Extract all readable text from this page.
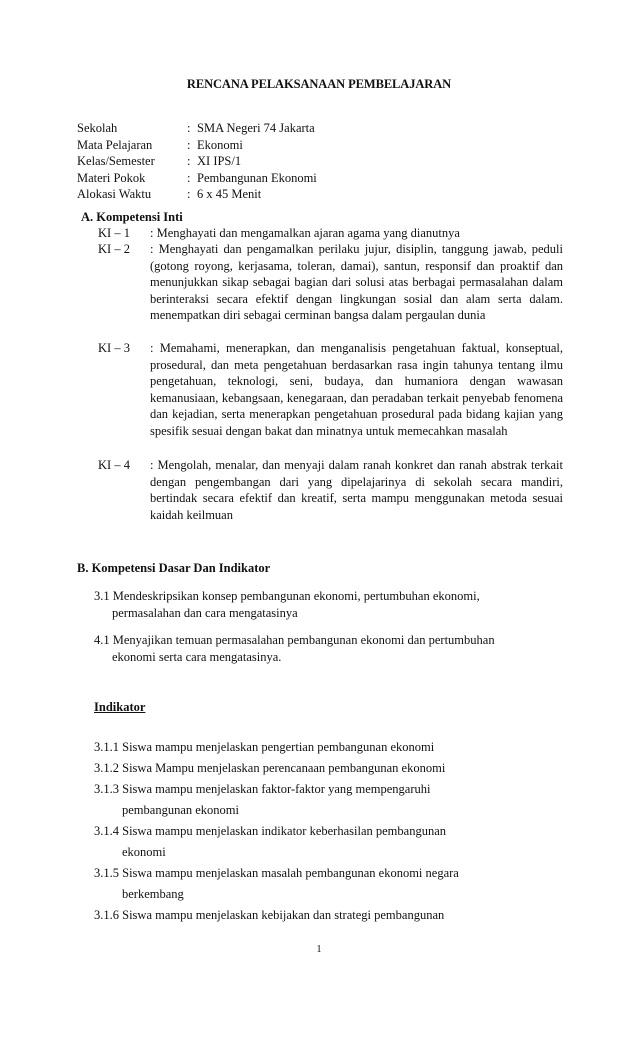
RENCANA PELAKSANAAN PEMBELAJARAN
Sekolah	: SMA Negeri 74 Jakarta
Mata Pelajaran	: Ekonomi
Kelas/Semester	: XI IPS/1
Materi Pokok	: Pembangunan Ekonomi
Alokasi Waktu	: 6 x 45 Menit
A. Kompetensi Inti
KI – 1	: Menghayati dan mengamalkan ajaran agama yang dianutnya
KI – 2	: Menghayati dan pengamalkan perilaku jujur, disiplin, tanggung jawab, peduli (gotong royong, kerjasama, toleran, damai), santun, responsif dan proaktif dan menunjukkan sikap sebagai bagian dari solusi atas berbagai permasalahan dalam berinteraksi secara efektif dengan lingkungan sosial dan alam serta dalam. menempatkan diri sebagai cerminan bangsa dalam pergaulan dunia
KI – 3	: Memahami, menerapkan, dan menganalisis pengetahuan faktual, konseptual, prosedural, dan meta pengetahuan berdasarkan rasa ingin tahunya tentang ilmu pengetahuan, teknologi, seni, budaya, dan humaniora dengan wawasan kemanusiaan, kebangsaan, kenegaraan, dan peradaban terkait penyebab fenomena dan kejadian, serta menerapkan pengetahuan prosedural pada bidang kajian yang spesifik sesuai dengan bakat dan minatnya untuk memecahkan masalah
KI – 4	: Mengolah, menalar, dan menyaji dalam ranah konkret dan ranah abstrak terkait dengan pengembangan dari yang dipelajarinya di sekolah secara mandiri, bertindak secara efektif dan kreatif, serta mampu menggunakan metoda sesuai kaidah keilmuan
B. Kompetensi Dasar Dan Indikator
3.1 Mendeskripsikan konsep pembangunan ekonomi, pertumbuhan ekonomi,
permasalahan dan cara mengatasinya
4.1 Menyajikan temuan permasalahan pembangunan ekonomi dan pertumbuhan
ekonomi serta cara mengatasinya.
Indikator
3.1.1 Siswa mampu menjelaskan pengertian pembangunan ekonomi
3.1.2 Siswa Mampu menjelaskan perencanaan pembangunan ekonomi
3.1.3 Siswa mampu menjelaskan faktor-faktor yang mempengaruhi
pembangunan ekonomi
3.1.4 Siswa mampu menjelaskan indikator keberhasilan pembangunan
ekonomi
3.1.5 Siswa mampu menjelaskan masalah pembangunan ekonomi negara
berkembang
3.1.6 Siswa mampu menjelaskan kebijakan dan strategi pembangunan
1
